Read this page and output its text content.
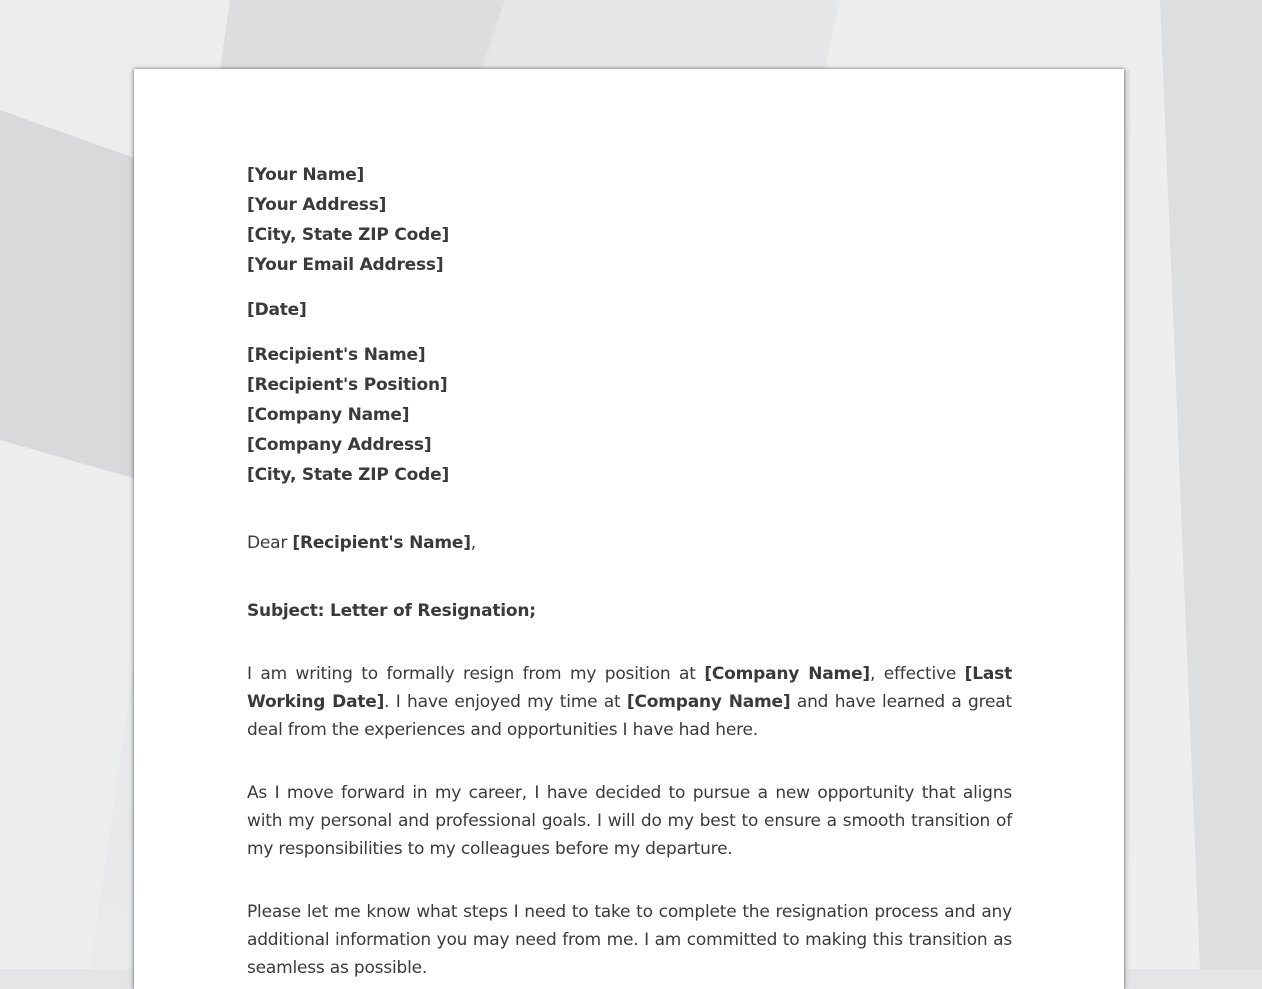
[Your Name]
[Your Address]
[City, State ZIP Code]
[Your Email Address]
[Date]
[Recipient's Name]
[Recipient's Position]
[Company Name]
[Company Address]
[City, State ZIP Code]
Dear [Recipient's Name],
Subject: Letter of Resignation;

I am writing to formally resign from my position at [Company Name], effective [Last Working Date]. I have enjoyed my time at [Company Name] and have learned a great deal from the experiences and opportunities I have had here.

As I move forward in my career, I have decided to pursue a new opportunity that aligns with my personal and professional goals. I will do my best to ensure a smooth transition of my responsibilities to my colleagues before my departure.

Please let me know what steps I need to take to complete the resignation process and any additional information you may need from me. I am committed to making this transition as seamless as possible.
